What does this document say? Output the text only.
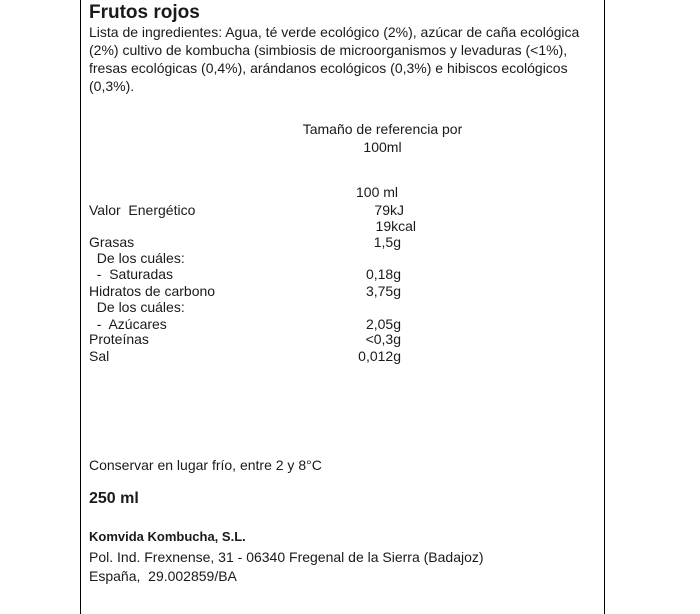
Frutos rojos
Lista de ingredientes: Agua, té verde ecológico (2%), azúcar de caña ecológica (2%) cultivo de kombucha (simbiosis de microorganismos y levaduras (<1%), fresas ecológicas (0,4%), arándanos ecológicos (0,3%) e hibiscos ecológicos (0,3%).
Tamaño de referencia por 100ml
100 ml
Valor  Energético	79kJ
19kcal
Grasas	1,5g
De los cuáles:
-  Saturadas	0,18g
Hidratos de carbono	3,75g
De los cuáles:
-  Azúcares	2,05g
Proteínas	<0,3g
Sal	0,012g
Conservar en lugar frío, entre 2 y 8°C
250 ml
Komvida Kombucha, S.L.
Pol. Ind. Frexnense, 31 - 06340 Fregenal de la Sierra (Badajoz)
España,  29.002859/BA
